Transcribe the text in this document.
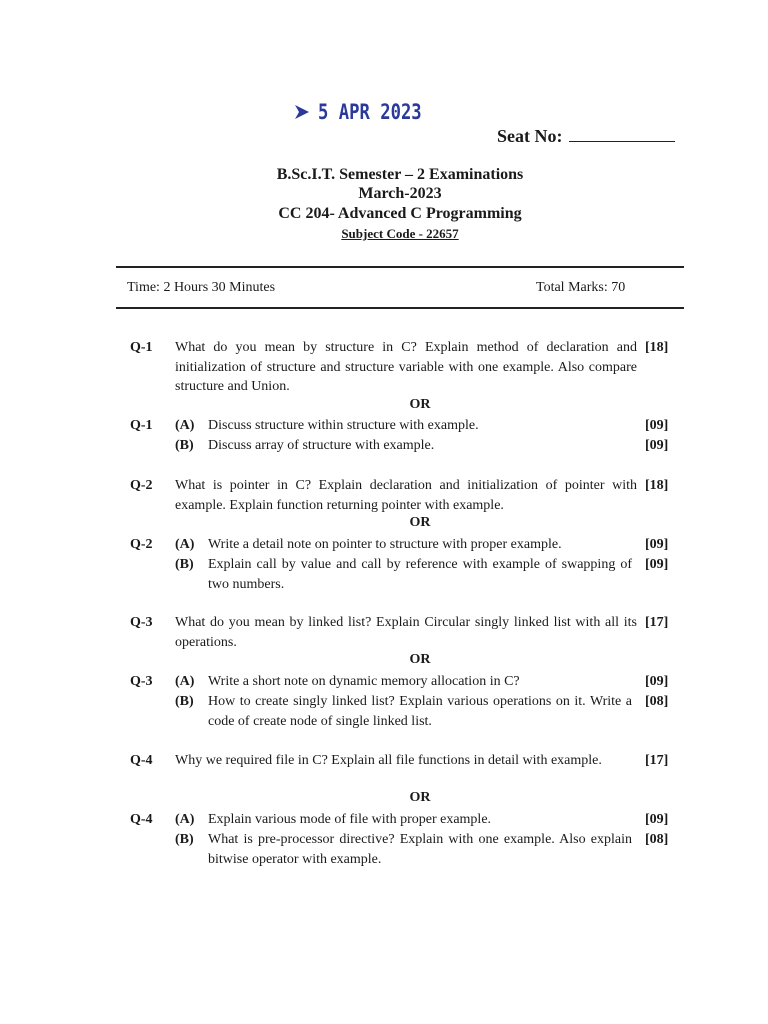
5 APR 2023
Seat No:
B.Sc.I.T. Semester – 2 Examinations
March-2023
CC 204- Advanced C Programming
Subject Code - 22657
Time: 2 Hours 30 Minutes	Total Marks: 70
Q-1 What do you mean by structure in C? Explain method of declaration and initialization of structure and structure variable with one example. Also compare structure and Union.
[18]
OR
Q-1 (A) Discuss structure within structure with example.	[09]
(B) Discuss array of structure with example.	[09]
Q-2 What is pointer in C? Explain declaration and initialization of pointer with example. Explain function returning pointer with example.
[18]
OR
Q-2 (A) Write a detail note on pointer to structure with proper example.	[09]
(B) Explain call by value and call by reference with example of swapping of two numbers.
[09]
Q-3 What do you mean by linked list? Explain Circular singly linked list with all its operations.
[17]
OR
Q-3 (A) Write a short note on dynamic memory allocation in C?	[09]
(B) How to create singly linked list? Explain various operations on it. Write a code of create node of single linked list.
[08]
Q-4 Why we required file in C? Explain all file functions in detail with example.	[17]
OR
Q-4 (A) Explain various mode of file with proper example.	[09]
(B) What is pre-processor directive? Explain with one example. Also explain bitwise operator with example.
[08]
